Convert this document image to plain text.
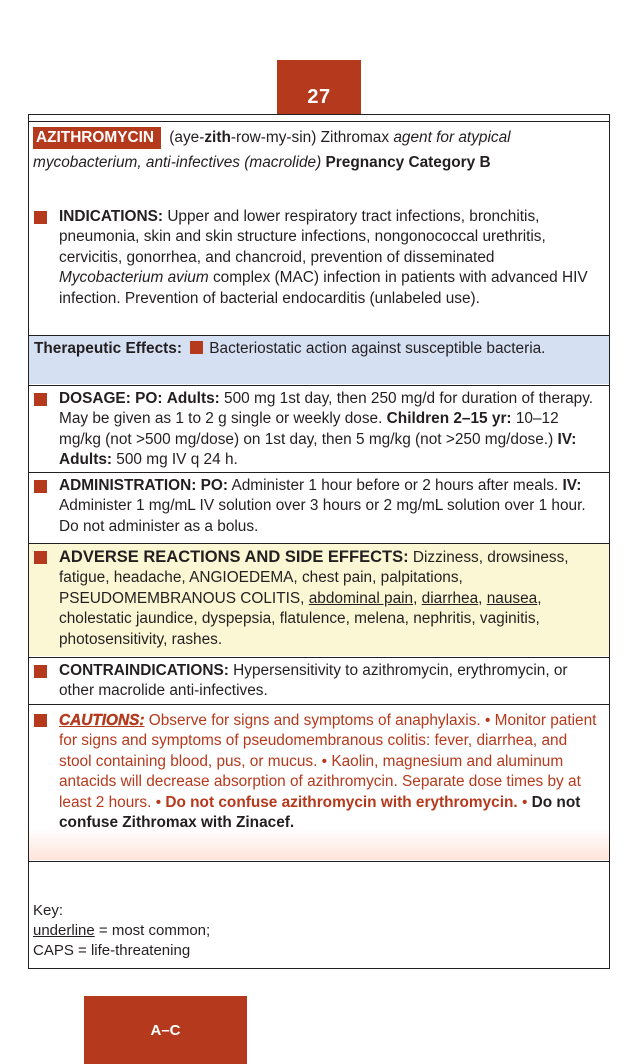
27
AZITHROMYCIN (aye-zith-row-my-sin) Zithromax agent for atypical mycobacterium, anti-infectives (macrolide) Pregnancy Category B
INDICATIONS: Upper and lower respiratory tract infections, bronchitis, pneumonia, skin and skin structure infections, nongonococcal urethritis, cervicitis, gonorrhea, and chancroid, prevention of disseminated Mycobacterium avium complex (MAC) infection in patients with advanced HIV infection. Prevention of bacterial endocarditis (unlabeled use).
Therapeutic Effects: Bacteriostatic action against susceptible bacteria.
DOSAGE: PO: Adults: 500 mg 1st day, then 250 mg/d for duration of therapy. May be given as 1 to 2 g single or weekly dose. Children 2–15 yr: 10–12 mg/kg (not >500 mg/dose) on 1st day, then 5 mg/kg (not >250 mg/dose.) IV: Adults: 500 mg IV q 24 h.
ADMINISTRATION: PO: Administer 1 hour before or 2 hours after meals. IV: Administer 1 mg/mL IV solution over 3 hours or 2 mg/mL solution over 1 hour. Do not administer as a bolus.
ADVERSE REACTIONS AND SIDE EFFECTS: Dizziness, drowsiness, fatigue, headache, ANGIOEDEMA, chest pain, palpitations, PSEUDOMEMBRANOUS COLITIS, abdominal pain, diarrhea, nausea, cholestatic jaundice, dyspepsia, flatulence, melena, nephritis, vaginitis, photosensitivity, rashes.
CONTRAINDICATIONS: Hypersensitivity to azithromycin, erythromycin, or other macrolide anti-infectives.
CAUTIONS: Observe for signs and symptoms of anaphylaxis. • Monitor patient for signs and symptoms of pseudomembranous colitis: fever, diarrhea, and stool containing blood, pus, or mucus. • Kaolin, magnesium and aluminum antacids will decrease absorption of azithromycin. Separate dose times by at least 2 hours. • Do not confuse azithromycin with erythromycin. • Do not confuse Zithromax with Zinacef.
Key:
underline = most common;
CAPS = life-threatening
A–C
